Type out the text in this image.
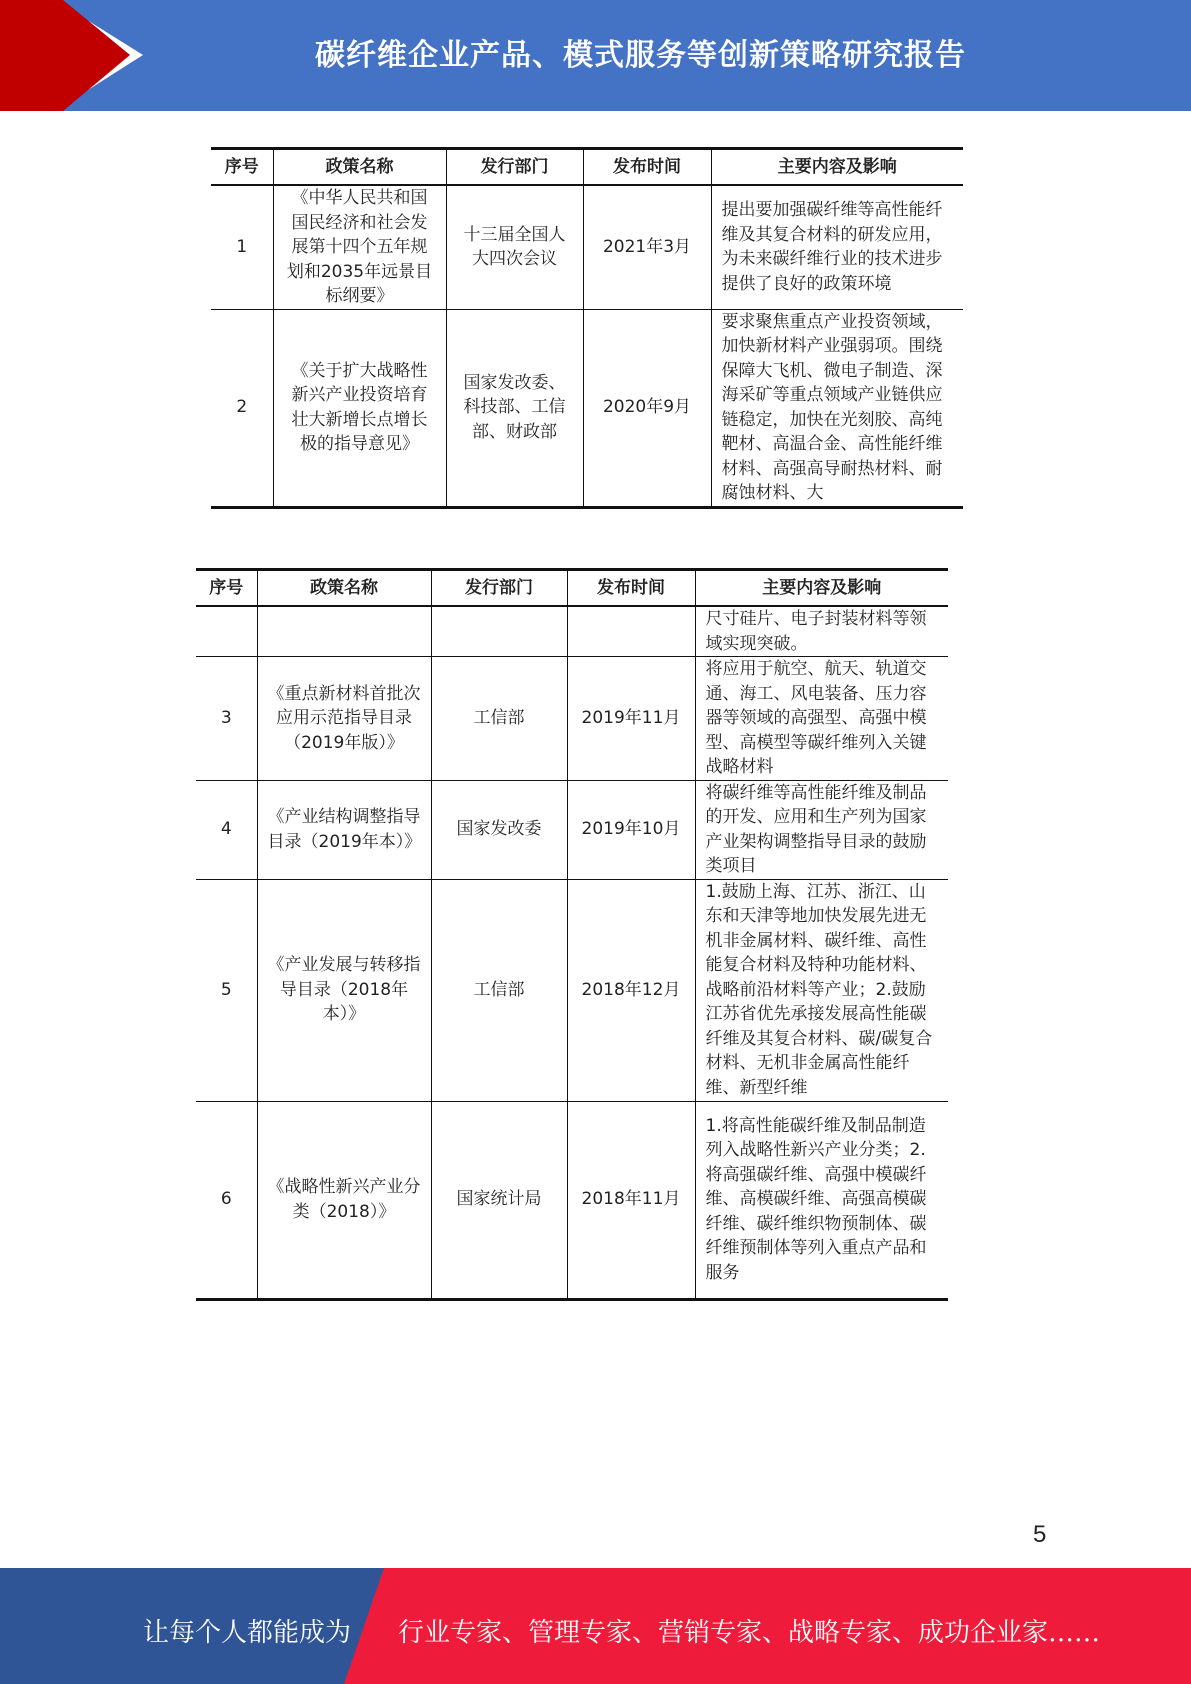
碳纤维企业产品、模式服务等创新策略研究报告
序号	政策名称	发行部门	发布时间	主要内容及影响
1	《中华人民共和国国民经济和社会发展第十四个五年规划和2035年远景目标纲要》	十三届全国人大四次会议	2021年3月	提出要加强碳纤维等高性能纤维及其复合材料的研发应用，为未来碳纤维行业的技术进步提供了良好的政策环境

2	《关于扩大战略性新兴产业投资培育壮大新增长点增长极的指导意见》	国家发改委、科技部、工信部、财政部	2020年9月	要求聚焦重点产业投资领域，加快新材料产业强弱项。围绕保障大飞机、微电子制造、深海采矿等重点领域产业链供应链稳定，加快在光刻胶、高纯靶材、高温合金、高性能纤维材料、高强高导耐热材料、耐腐蚀材料、大
序号	政策名称	发行部门	发布时间	主要内容及影响

				尺寸硅片、电子封装材料等领域实现突破。

3	《重点新材料首批次应用示范指导目录（2019年版）》	工信部	2019年11月	将应用于航空、航天、轨道交通、海工、风电装备、压力容器等领域的高强型、高强中模型、高模型等碳纤维列入关键战略材料

4	《产业结构调整指导目录（2019年本）》	国家发改委	2019年10月	将碳纤维等高性能纤维及制品的开发、应用和生产列为国家产业架构调整指导目录的鼓励类项目

5	《产业发展与转移指导目录（2018年本）》	工信部	2018年12月	1.鼓励上海、江苏、浙江、山东和天津等地加快发展先进无机非金属材料、碳纤维、高性能复合材料及特种功能材料、战略前沿材料等产业；2.鼓励江苏省优先承接发展高性能碳纤维及其复合材料、碳/碳复合材料、无机非金属高性能纤维、新型纤维

6	《战略性新兴产业分类（2018）》	国家统计局	2018年11月	1.将高性能碳纤维及制品制造列入战略性新兴产业分类；2.将高强碳纤维、高强中模碳纤维、高模碳纤维、高强高模碳纤维、碳纤维织物预制体、碳纤维预制体等列入重点产品和服务
5
让每个人都能成为 行业专家、管理专家、营销专家、战略专家、成功企业家……
